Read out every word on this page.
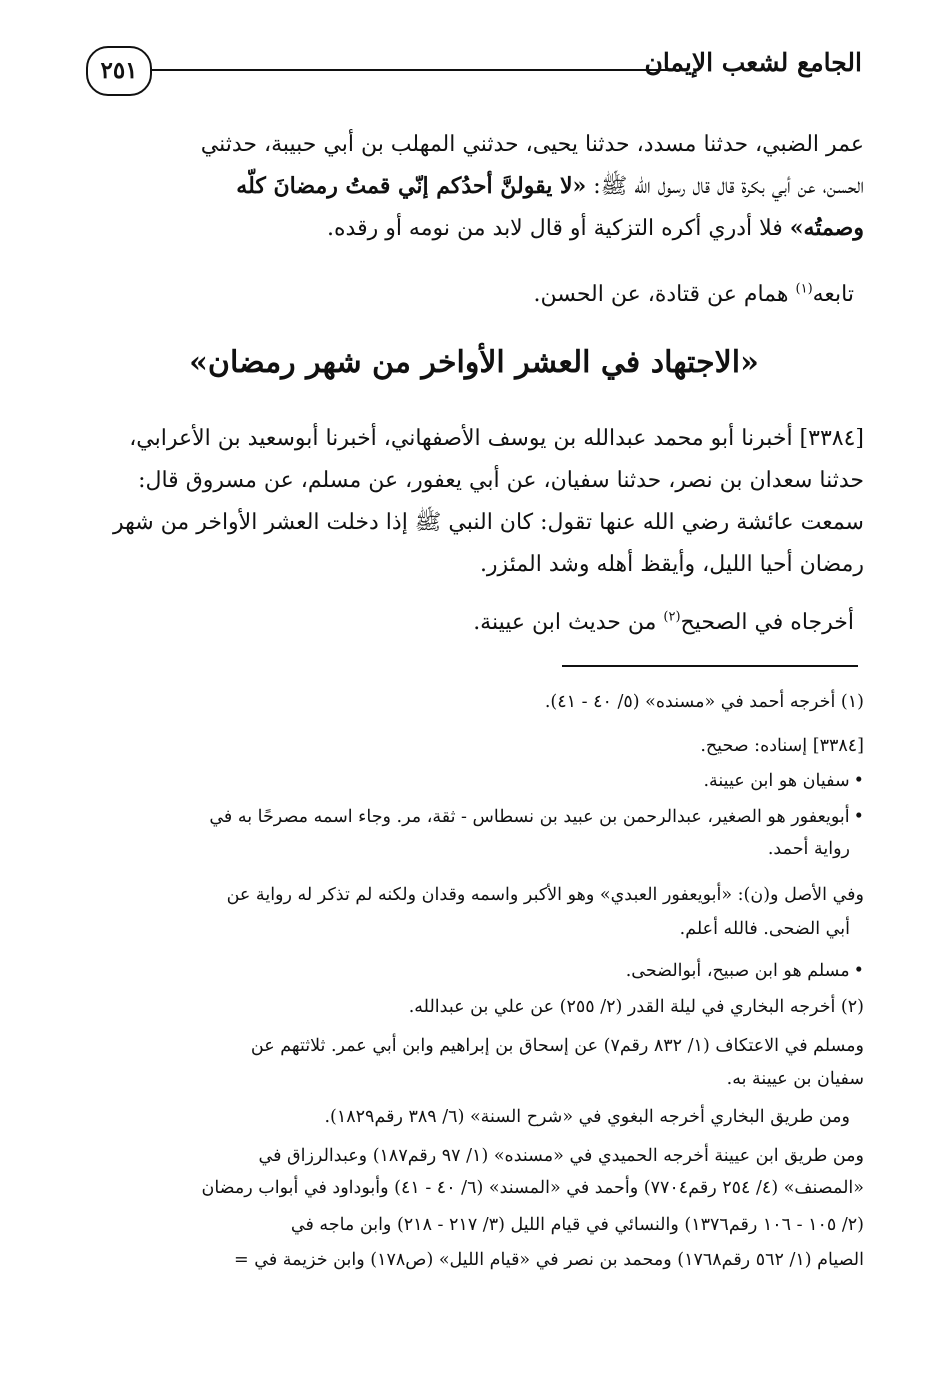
٢٥١	الجامع لشعب الإيمان
عمر الضبي، حدثنا مسدد، حدثنا يحيى، حدثني المهلب بن أبي حبيبة، حدثني
الحسن، عن أبي بكرة قال قال رسول الله ﷺ: «لا يقولنَّ أحدُكم إنّي قمتُ رمضانَ كلّه
وصمتُه» فلا أدري أكره التزكية أو قال لابد من نومه أو رقده.
تابعه$^{(١)}$ همام عن قتادة، عن الحسن.
«الاجتهاد في العشر الأواخر من شهر رمضان»
[٣٣٨٤] أخبرنا أبو محمد عبدالله بن يوسف الأصفهاني، أخبرنا أبوسعيد بن الأعرابي،
حدثنا سعدان بن نصر، حدثنا سفيان، عن أبي يعفور، عن مسلم، عن مسروق قال:
سمعت عائشة رضي الله عنها تقول: كان النبي ﷺ إذا دخلت العشر الأواخر من شهر
رمضان أحيا الليل، وأيقظ أهله وشد المئزر.
أخرجاه في الصحيح$^{(٢)}$ من حديث ابن عيينة.
(١) أخرجه أحمد في «مسنده» (٥/ ٤٠ - ٤١).
[٣٣٨٤] إسناده: صحيح.
• سفيان هو ابن عيينة.
• أبويعفور هو الصغير، عبدالرحمن بن عبيد بن نسطاس - ثقة، مر. وجاء اسمه مصرحًا به في
رواية أحمد.
وفي الأصل و(ن): «أبويعفور العبدي» وهو الأكبر واسمه وقدان ولكنه لم تذكر له رواية عن
أبي الضحى. فالله أعلم.
• مسلم هو ابن صبيح، أبوالضحى.
(٢) أخرجه البخاري في ليلة القدر (٢/ ٢٥٥) عن علي بن عبدالله.
ومسلم في الاعتكاف (١/ ٨٣٢ رقم٧) عن إسحاق بن إبراهيم وابن أبي عمر. ثلاثتهم عن
سفيان بن عيينة به.
ومن طريق البخاري أخرجه البغوي في «شرح السنة» (٦/ ٣٨٩ رقم١٨٢٩).
ومن طريق ابن عيينة أخرجه الحميدي في «مسنده» (١/ ٩٧ رقم١٨٧) وعبدالرزاق في
«المصنف» (٤/ ٢٥٤ رقم٧٧٠٤) وأحمد في «المسند» (٦/ ٤٠ - ٤١) وأبوداود في أبواب رمضان
(٢/ ١٠٥ - ١٠٦ رقم١٣٧٦) والنسائي في قيام الليل (٣/ ٢١٧ - ٢١٨) وابن ماجه في
الصيام (١/ ٥٦٢ رقم١٧٦٨) ومحمد بن نصر في «قيام الليل» (ص١٧٨) وابن خزيمة في =
